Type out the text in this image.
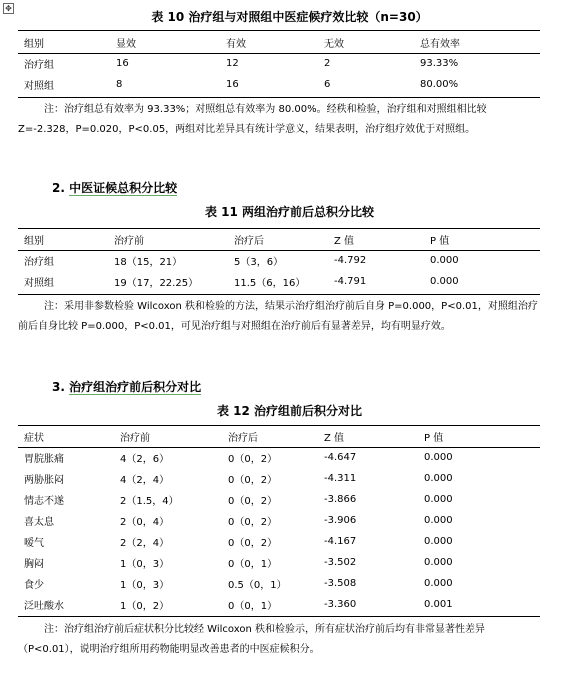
✥
表 10 治疗组与对照组中医症候疗效比较（n=30）
组别	显效	有效	无效	总有效率
治疗组	16	12	2	93.33%
对照组	8	16	6	80.00%
注：治疗组总有效率为 93.33%；对照组总有效率为 80.00%。经秩和检验，治疗组和对照组相比较 Z=-2.328，P=0.020，P<0.05，两组对比差异具有统计学意义，结果表明，治疗组疗效优于对照组。
2. 中医证候总积分比较
表 11 两组治疗前后总积分比较
组别	治疗前	治疗后	Z 值	P 值
治疗组	18（15，21）	5（3，6）	-4.792	0.000
对照组	19（17，22.25）	11.5（6，16）	-4.791	0.000
注：采用非参数检验 Wilcoxon 秩和检验的方法，结果示治疗组治疗前后自身 P=0.000，P<0.01，对照组治疗前后自身比较 P=0.000，P<0.01，可见治疗组与对照组在治疗前后有显著差异，均有明显疗效。
3. 治疗组治疗前后积分对比
表 12 治疗组前后积分对比
症状	治疗前	治疗后	Z 值	P 值
胃脘胀痛	4（2，6）	0（0，2）	-4.647	0.000
两胁胀闷	4（2，4）	0（0，2）	-4.311	0.000
情志不遂	2（1.5，4）	0（0，2）	-3.866	0.000
喜太息	2（0，4）	0（0，2）	-3.906	0.000
嗳气	2（2，4）	0（0，2）	-4.167	0.000
胸闷	1（0，3）	0（0，1）	-3.502	0.000
食少	1（0，3）	0.5（0，1）	-3.508	0.000
泛吐酸水	1（0，2）	0（0，1）	-3.360	0.001
注：治疗组治疗前后症状积分比较经 Wilcoxon 秩和检验示，所有症状治疗前后均有非常显著性差异（P<0.01），说明治疗组所用药物能明显改善患者的中医症候积分。
